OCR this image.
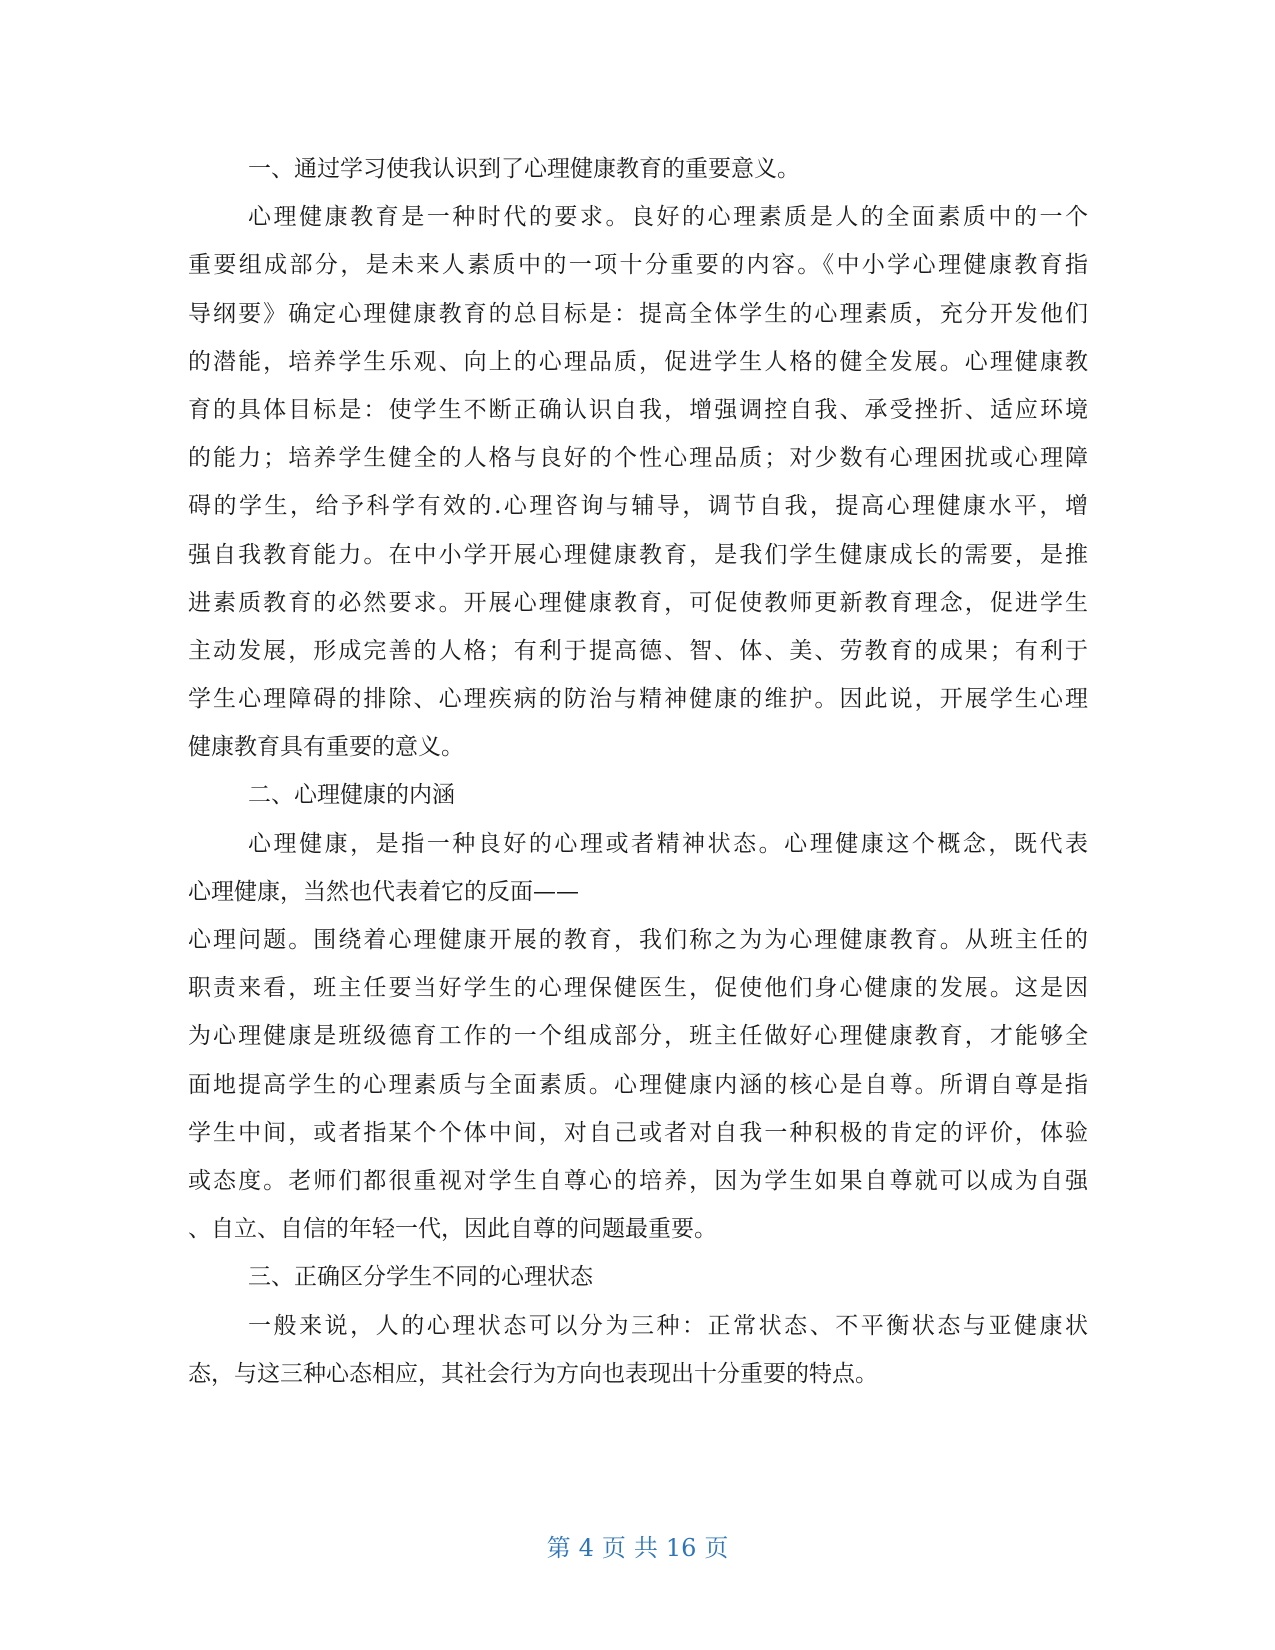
一、通过学习使我认识到了心理健康教育的重要意义。
心理健康教育是一种时代的要求。良好的心理素质是人的全面素质中的一个
重要组成部分，是未来人素质中的一项十分重要的内容。《中小学心理健康教育指
导纲要》确定心理健康教育的总目标是：提高全体学生的心理素质，充分开发他们
的潜能，培养学生乐观、向上的心理品质，促进学生人格的健全发展。心理健康教
育的具体目标是：使学生不断正确认识自我，增强调控自我、承受挫折、适应环境
的能力；培养学生健全的人格与良好的个性心理品质；对少数有心理困扰或心理障
碍的学生，给予科学有效的.心理咨询与辅导，调节自我，提高心理健康水平，增
强自我教育能力。在中小学开展心理健康教育，是我们学生健康成长的需要，是推
进素质教育的必然要求。开展心理健康教育，可促使教师更新教育理念，促进学生
主动发展，形成完善的人格；有利于提高德、智、体、美、劳教育的成果；有利于
学生心理障碍的排除、心理疾病的防治与精神健康的维护。因此说，开展学生心理
健康教育具有重要的意义。
二、心理健康的内涵
心理健康，是指一种良好的心理或者精神状态。心理健康这个概念，既代表
心理健康，当然也代表着它的反面——
心理问题。围绕着心理健康开展的教育，我们称之为为心理健康教育。从班主任的
职责来看，班主任要当好学生的心理保健医生，促使他们身心健康的发展。这是因
为心理健康是班级德育工作的一个组成部分，班主任做好心理健康教育，才能够全
面地提高学生的心理素质与全面素质。心理健康内涵的核心是自尊。所谓自尊是指
学生中间，或者指某个个体中间，对自己或者对自我一种积极的肯定的评价，体验
或态度。老师们都很重视对学生自尊心的培养，因为学生如果自尊就可以成为自强
、自立、自信的年轻一代，因此自尊的问题最重要。
三、正确区分学生不同的心理状态
一般来说，人的心理状态可以分为三种：正常状态、不平衡状态与亚健康状
态，与这三种心态相应，其社会行为方向也表现出十分重要的特点。
第 4 页 共 16 页
